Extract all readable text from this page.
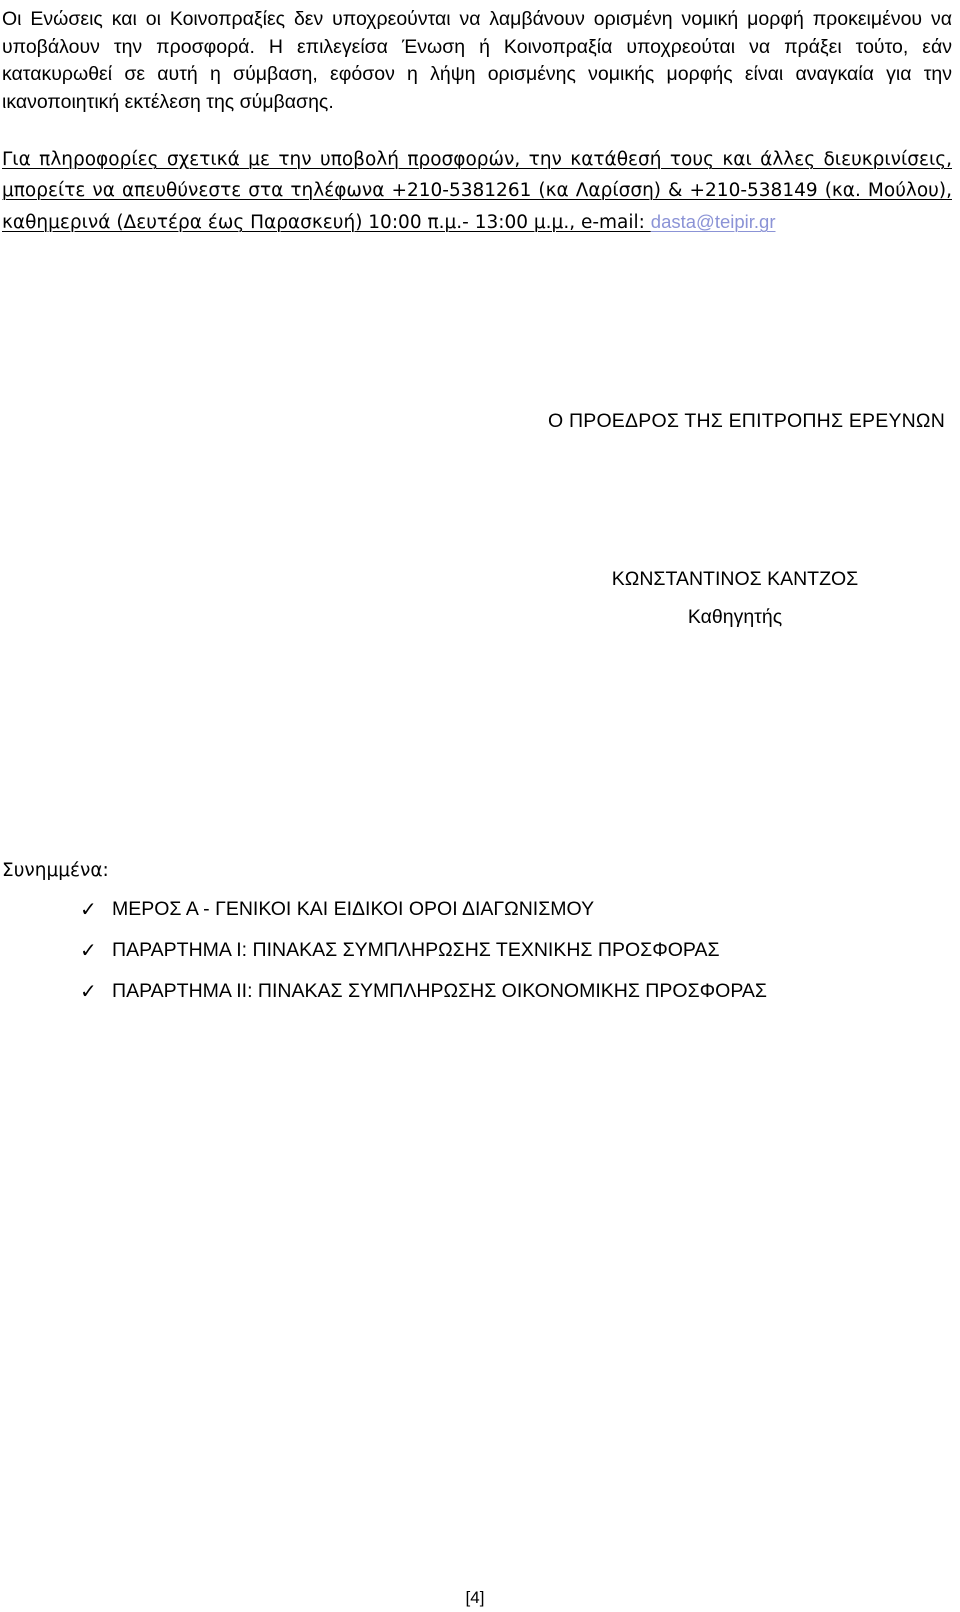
Οι Ενώσεις και οι Κοινοπραξίες δεν υποχρεούνται να λαμβάνουν ορισμένη νομική μορφή προκειμένου να υποβάλουν την προσφορά. Η επιλεγείσα Ένωση ή Κοινοπραξία υποχρεούται να πράξει τούτο, εάν κατακυρωθεί σε αυτή η σύμβαση, εφόσον η λήψη ορισμένης νομικής μορφής είναι αναγκαία για την ικανοποιητική εκτέλεση της σύμβασης.
Για πληροφορίες σχετικά με την υποβολή προσφορών, την κατάθεσή τους και άλλες διευκρινίσεις, μπορείτε να απευθύνεστε στα τηλέφωνα +210-5381261 (κα Λαρίσση) & +210-538149 (κα. Μούλου), καθημερινά (Δευτέρα έως Παρασκευή) 10:00 π.μ.- 13:00 μ.μ., e-mail: dasta@teipir.gr
Ο ΠΡΟΕΔΡΟΣ ΤΗΣ ΕΠΙΤΡΟΠΗΣ ΕΡΕΥΝΩΝ
ΚΩΝΣΤΑΝΤΙΝΟΣ ΚΑΝΤΖΟΣ
Καθηγητής
Συνημμένα:
✓ ΜΕΡΟΣ Α - ΓΕΝΙΚΟΙ ΚΑΙ ΕΙΔΙΚΟΙ ΟΡΟΙ ΔΙΑΓΩΝΙΣΜΟΥ
✓ ΠΑΡΑΡΤΗΜΑ Ι: ΠΙΝΑΚΑΣ ΣΥΜΠΛΗΡΩΣΗΣ ΤΕΧΝΙΚΗΣ ΠΡΟΣΦΟΡΑΣ
✓ ΠΑΡΑΡΤΗΜΑ ΙΙ: ΠΙΝΑΚΑΣ ΣΥΜΠΛΗΡΩΣΗΣ ΟΙΚΟΝΟΜΙΚΗΣ ΠΡΟΣΦΟΡΑΣ
[4]
